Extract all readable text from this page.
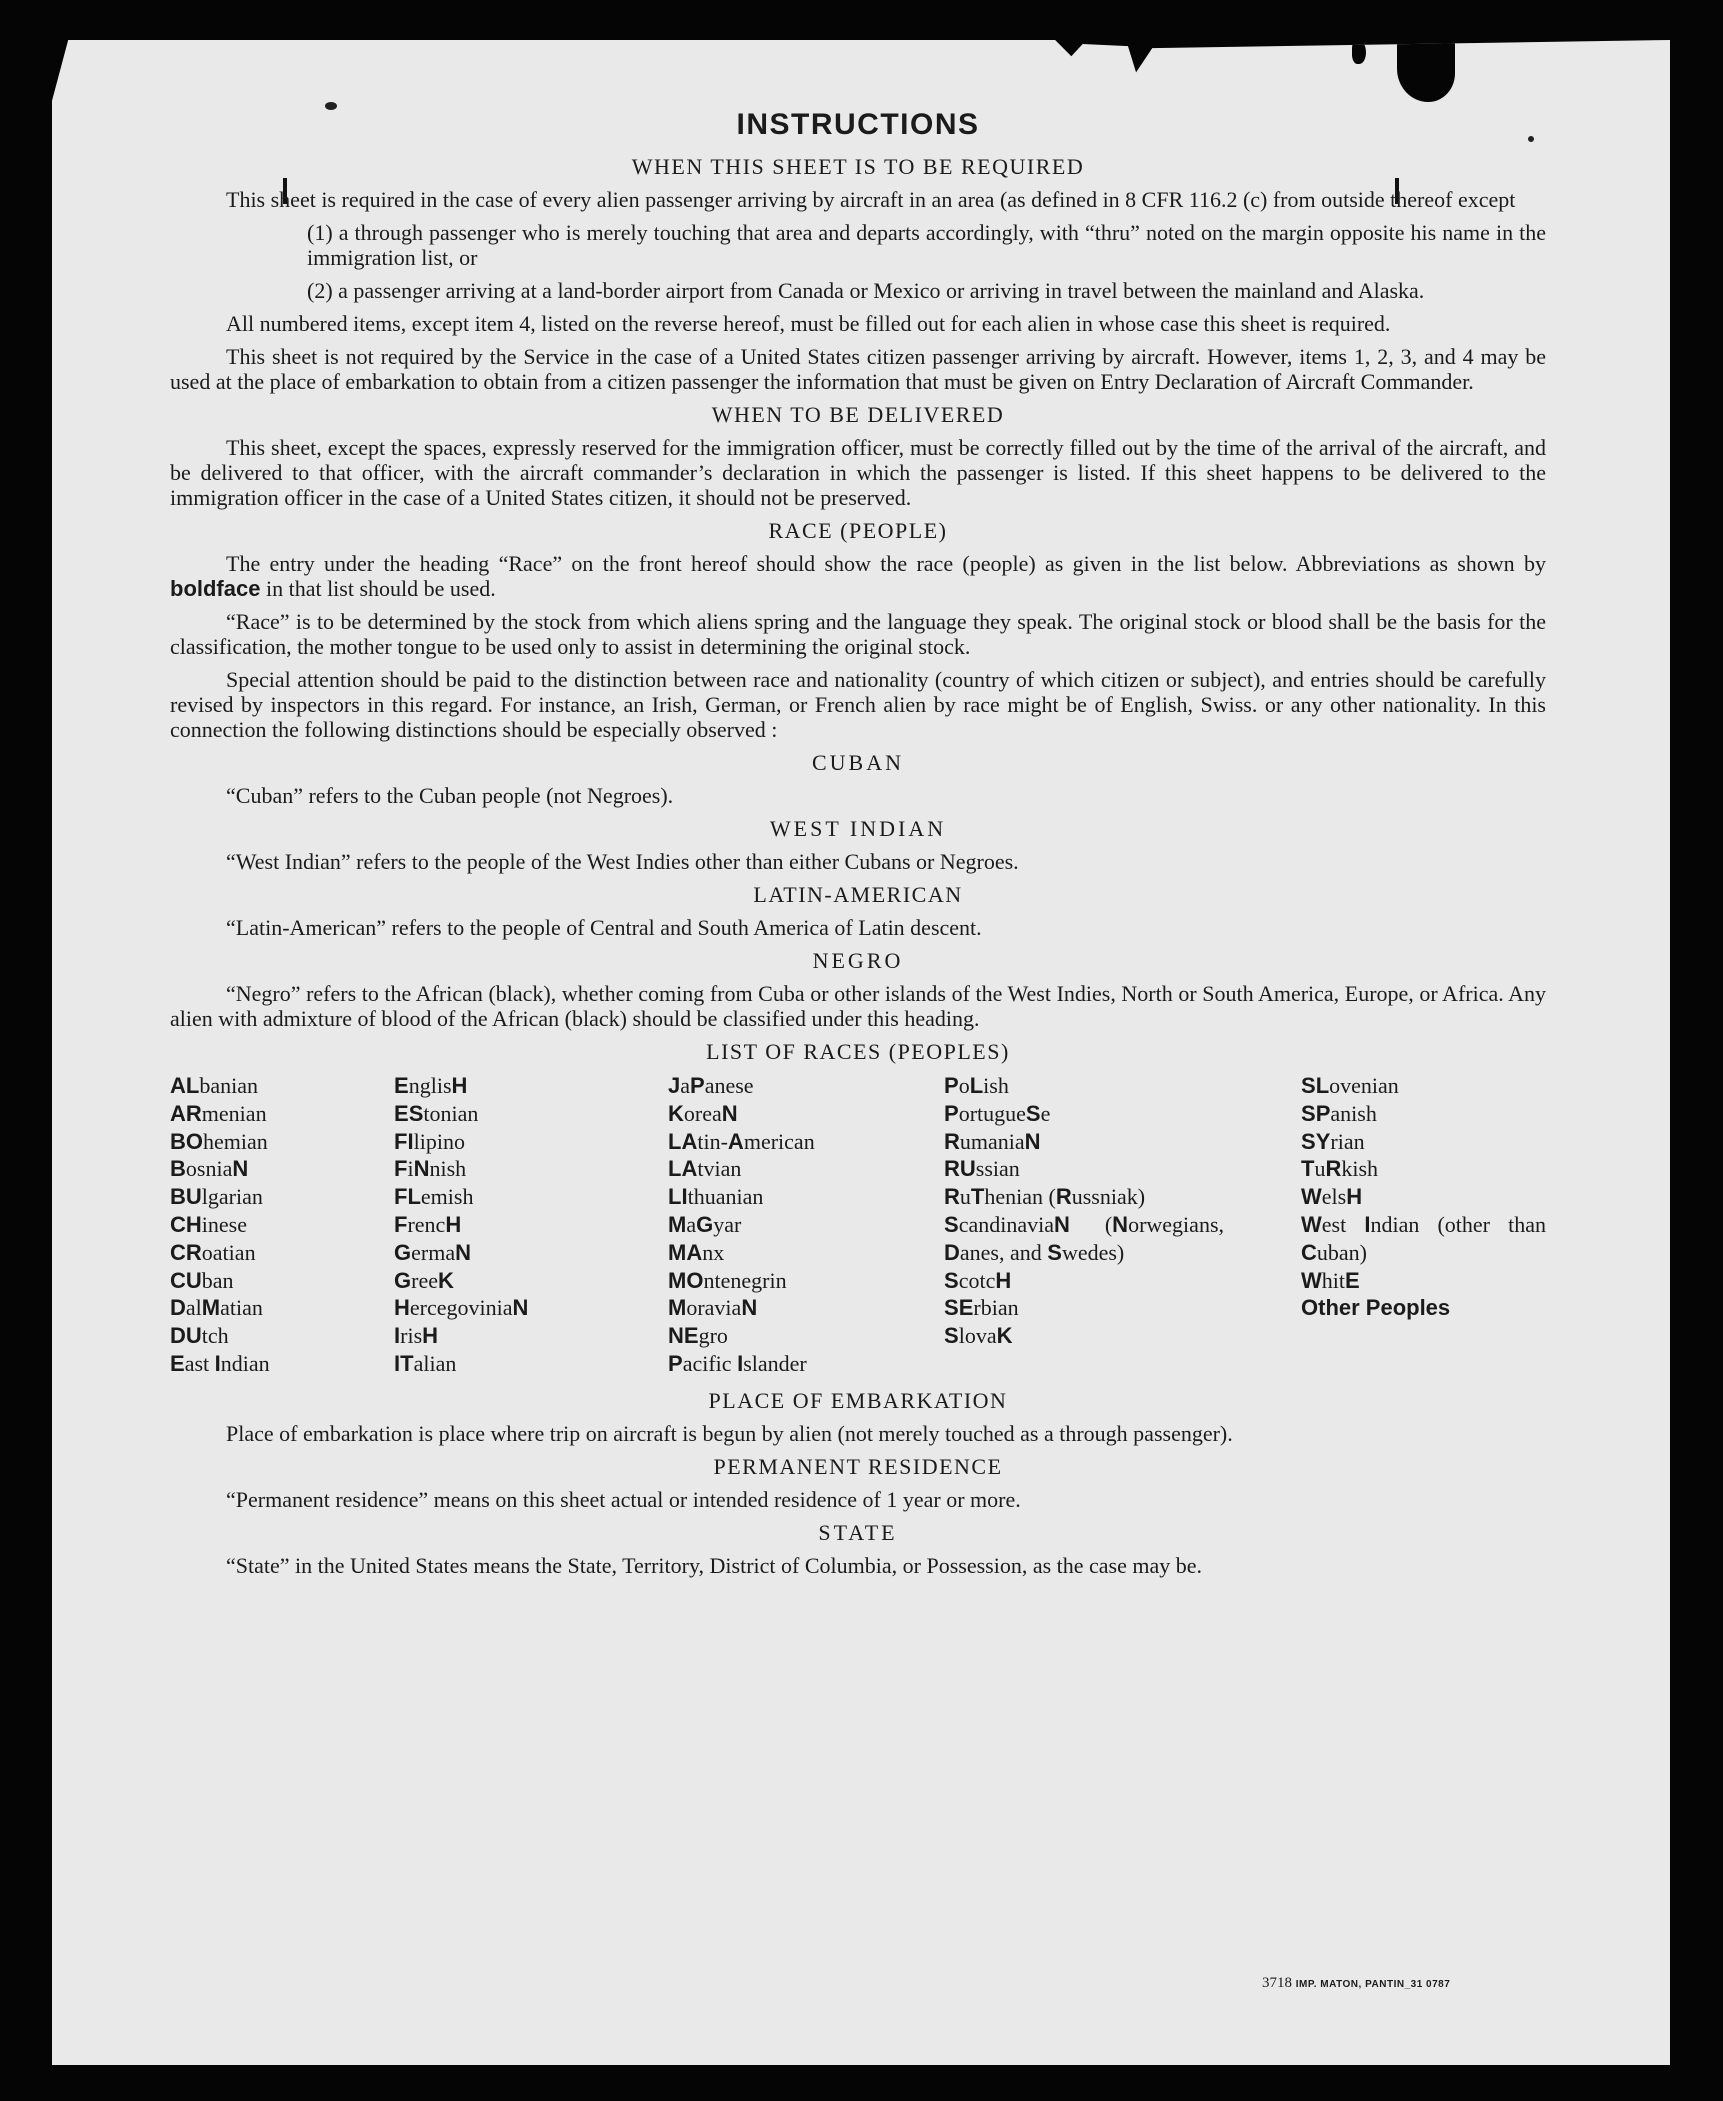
INSTRUCTIONS
WHEN THIS SHEET IS TO BE REQUIRED

This sheet is required in the case of every alien passenger arriving by aircraft in an area (as defined in 8 CFR 116.2 (c) from outside thereof except

(1) a through passenger who is merely touching that area and departs accordingly, with “thru” noted on the margin opposite his name in the immigration list, or
(2) a passenger arriving at a land-border airport from Canada or Mexico or arriving in travel between the mainland and Alaska.

All numbered items, except item 4, listed on the reverse hereof, must be filled out for each alien in whose case this sheet is required.

This sheet is not required by the Service in the case of a United States citizen passenger arriving by aircraft. However, items 1, 2, 3, and 4 may be used at the place of embarkation to obtain from a citizen passenger the information that must be given on Entry Declaration of Aircraft Commander.

WHEN TO BE DELIVERED

This sheet, except the spaces, expressly reserved for the immigration officer, must be correctly filled out by the time of the arrival of the aircraft, and be delivered to that officer, with the aircraft commander’s declaration in which the passenger is listed. If this sheet happens to be delivered to the immigration officer in the case of a United States citizen, it should not be preserved.

RACE (PEOPLE)

The entry under the heading “Race” on the front hereof should show the race (people) as given in the list below. Abbreviations as shown by boldface in that list should be used.

“Race” is to be determined by the stock from which aliens spring and the language they speak. The original stock or blood shall be the basis for the classification, the mother tongue to be used only to assist in determining the original stock.

Special attention should be paid to the distinction between race and nationality (country of which citizen or subject), and entries should be carefully revised by inspectors in this regard. For instance, an Irish, German, or French alien by race might be of English, Swiss. or any other nationality. In this connection the following distinctions should be especially observed :

CUBAN

“Cuban” refers to the Cuban people (not Negroes).

WEST INDIAN

“West Indian” refers to the people of the West Indies other than either Cubans or Negroes.

LATIN-AMERICAN

“Latin-American” refers to the people of Central and South America of Latin descent.

NEGRO

“Negro” refers to the African (black), whether coming from Cuba or other islands of the West Indies, North or South America, Europe, or Africa. Any alien with admixture of blood of the African (black) should be classified under this heading.

LIST OF RACES (PEOPLES)
ALbanian
ARmenian
BOhemian
BosniaN
BUlgarian
CHinese
CRoatian
CUban
DalMatian
DUtch
East Indian
EnglisH
EStonian
FIlipino
FiNnish
FLemish
FrencH
GermaN
GreeK
HercegoviniaN
IrisH
ITalian
JaPanese
KoreaN
LAtin-American
LAtvian
LIthuanian
MaGyar
MAnx
MOntenegrin
MoraviaN
NEgro
Pacific Islander
PoLish
PortugueSe
RumaniaN
RUssian
RuThenian (Russniak)
ScandinaviaN (Norwegians, Danes, and Swedes)
ScotcH
SErbian
SlovaK
SLovenian
SPanish
SYrian
TuRkish
WelsH
West Indian (other than Cuban)
WhitE
Other Peoples
PLACE OF EMBARKATION

Place of embarkation is place where trip on aircraft is begun by alien (not merely touched as a through passenger).

PERMANENT RESIDENCE

“Permanent residence” means on this sheet actual or intended residence of 1 year or more.

STATE

“State” in the United States means the State, Territory, District of Columbia, or Possession, as the case may be.

3718 IMP. MATON, PANTIN_31 0787
